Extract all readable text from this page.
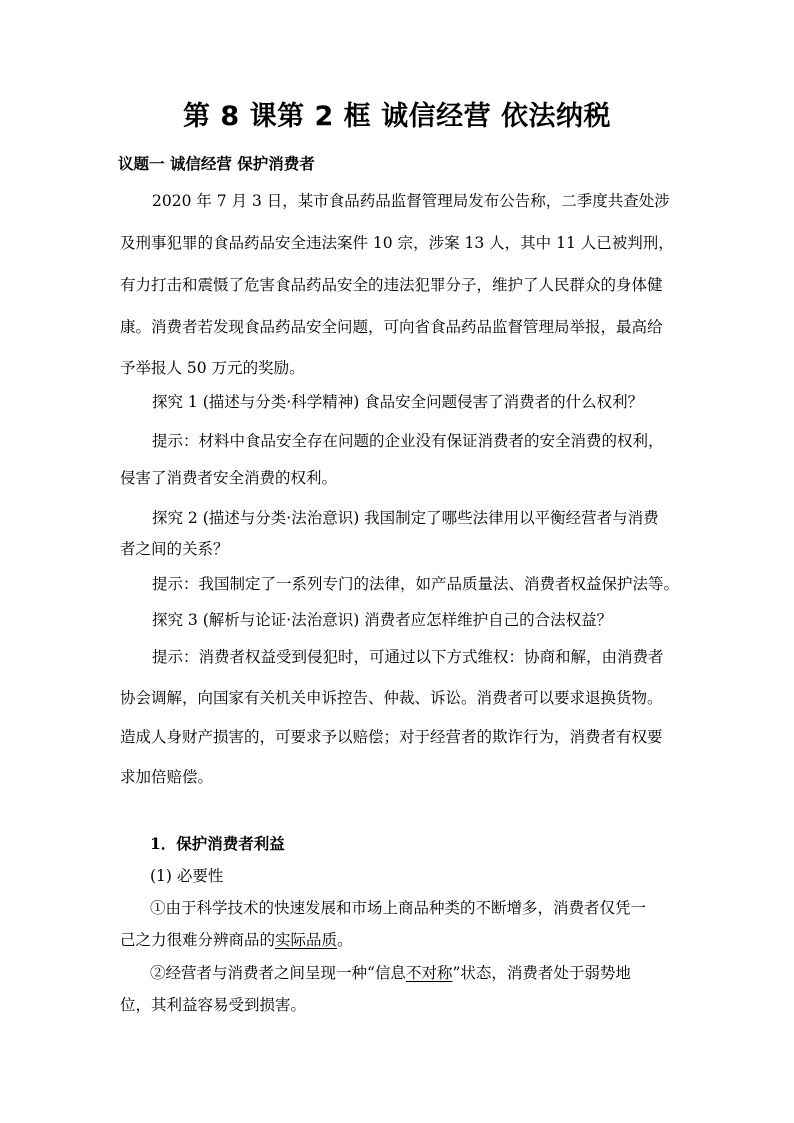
第 8 课第 2 框 诚信经营 依法纳税
议题一 诚信经营 保护消费者
2020 年 7 月 3 日，某市食品药品监督管理局发布公告称，二季度共查处涉
及刑事犯罪的食品药品安全违法案件 10 宗，涉案 13 人，其中 11 人已被判刑，
有力打击和震慑了危害食品药品安全的违法犯罪分子，维护了人民群众的身体健
康。消费者若发现食品药品安全问题，可向省食品药品监督管理局举报，最高给
予举报人 50 万元的奖励。
探究 1 (描述与分类·科学精神) 食品安全问题侵害了消费者的什么权利？
提示：材料中食品安全存在问题的企业没有保证消费者的安全消费的权利，
侵害了消费者安全消费的权利。
探究 2 (描述与分类·法治意识) 我国制定了哪些法律用以平衡经营者与消费
者之间的关系？
提示：我国制定了一系列专门的法律，如产品质量法、消费者权益保护法等。
探究 3 (解析与论证·法治意识) 消费者应怎样维护自己的合法权益？
提示：消费者权益受到侵犯时，可通过以下方式维权：协商和解，由消费者
协会调解，向国家有关机关申诉控告、仲裁、诉讼。消费者可以要求退换货物。
造成人身财产损害的，可要求予以赔偿；对于经营者的欺诈行为，消费者有权要
求加倍赔偿。
1．保护消费者利益
(1) 必要性
①由于科学技术的快速发展和市场上商品种类的不断增多，消费者仅凭一
己之力很难分辨商品的实际品质。
②经营者与消费者之间呈现一种“信息不对称”状态，消费者处于弱势地
位，其利益容易受到损害。
